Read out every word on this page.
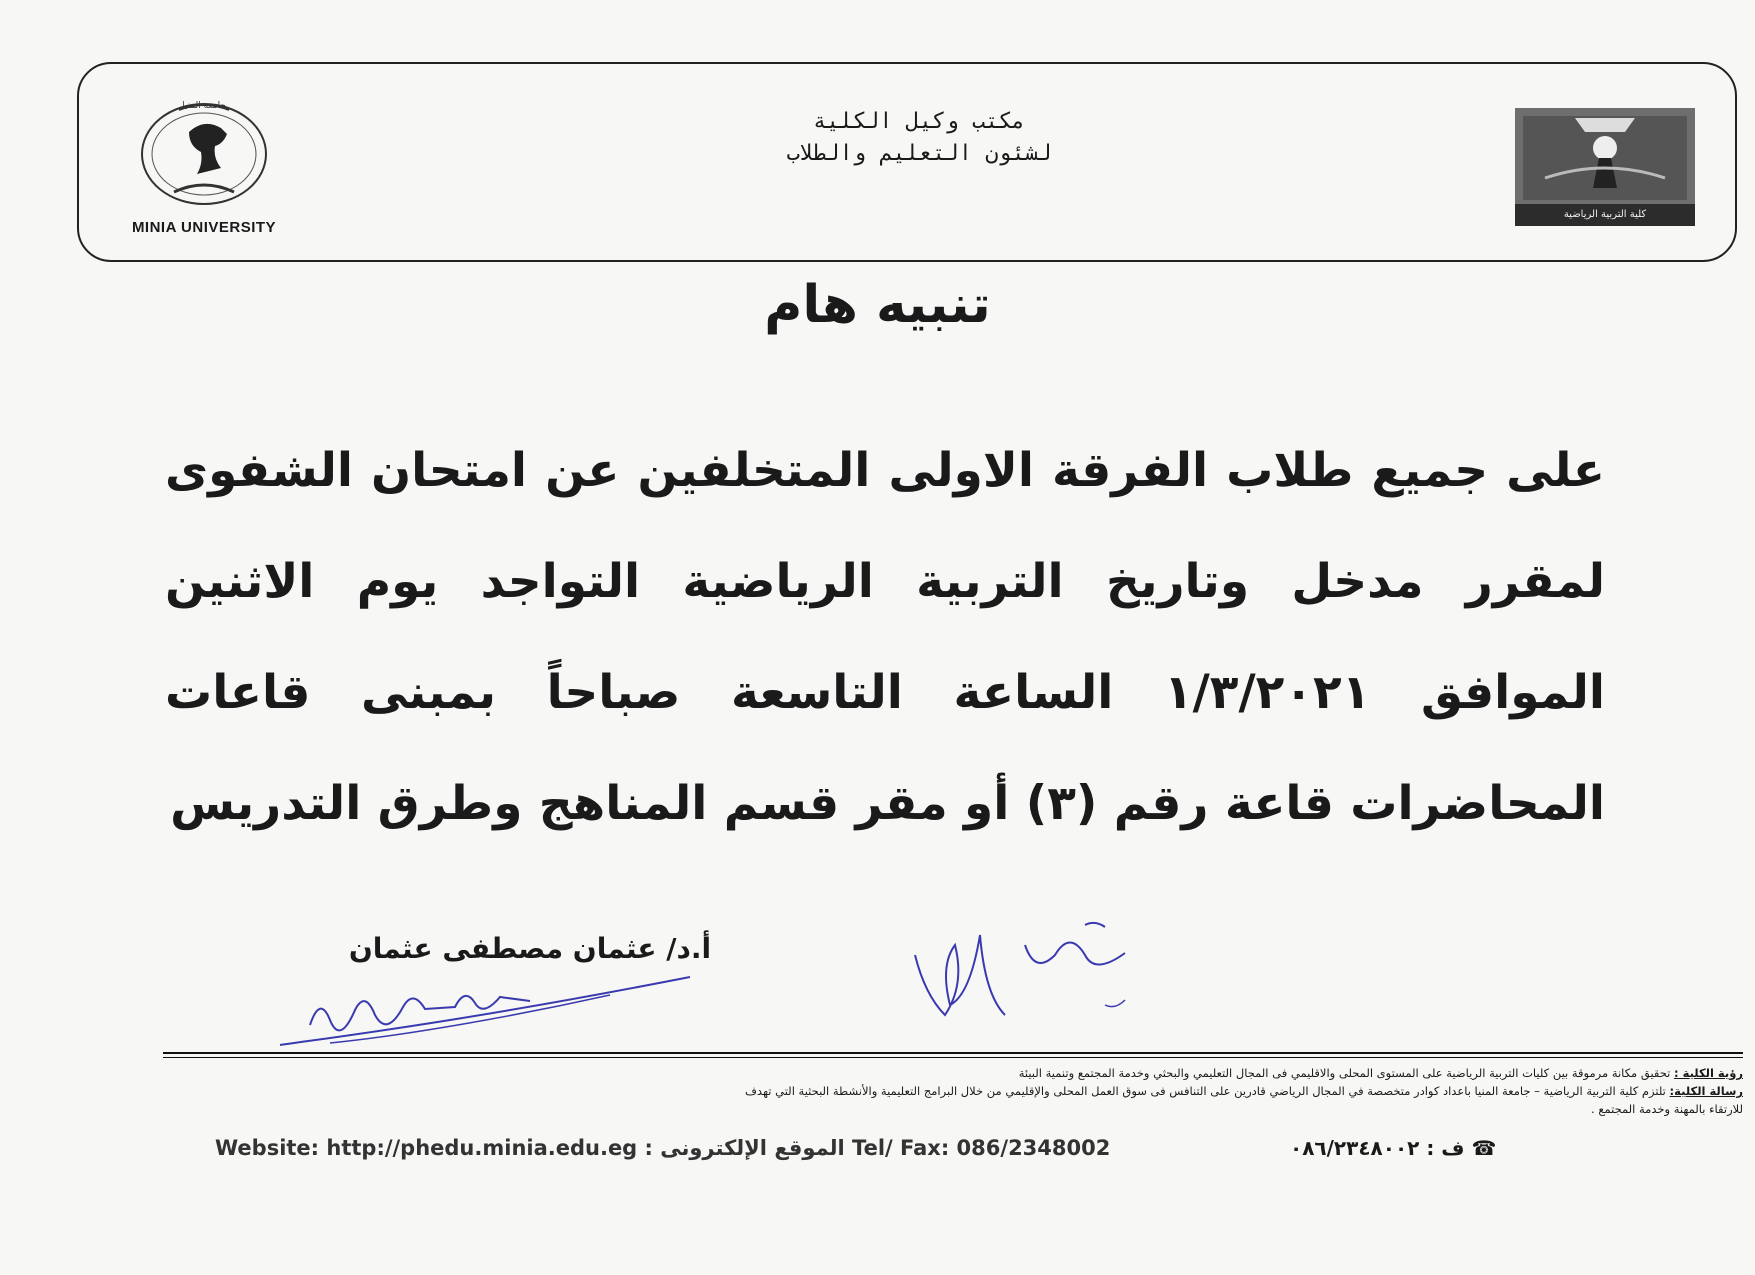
جامعة المنيا
MINIA UNIVERSITY
مكتب وكيل الكلية
لشئون التعليم والطلاب
كلية التربية الرياضية
تنبيه هام
على جميع طلاب الفرقة الاولى المتخلفين عن امتحان الشفوى لمقرر مدخل وتاريخ التربية الرياضية التواجد يوم الاثنين الموافق ١/٣/٢٠٢١ الساعة التاسعة صباحاً بمبنى قاعات المحاضرات قاعة رقم (٣) أو مقر قسم المناهج وطرق التدريس
أ.د/ عثمان مصطفى عثمان
رؤية الكلية : تحقيق مكانة مرموقة بين كليات التربية الرياضية على المستوى المحلى والاقليمي فى المجال التعليمي والبحثي وخدمة المجتمع وتنمية البيئة
رسالة الكلية: تلتزم كلية التربية الرياضية – جامعة المنيا باعداد كوادر متخصصة في المجال الرياضي قادرين على التنافس فى سوق العمل المحلى والإقليمي من خلال البرامج التعليمية والأنشطة البحثية التي تهدف
للارتقاء بالمهنة وخدمة المجتمع .
Website: http://phedu.minia.edu.eg : الموقع الإلكترونى Tel/ Fax: 086/2348002	☎ ف : ٠٨٦/٢٣٤٨٠٠٢
